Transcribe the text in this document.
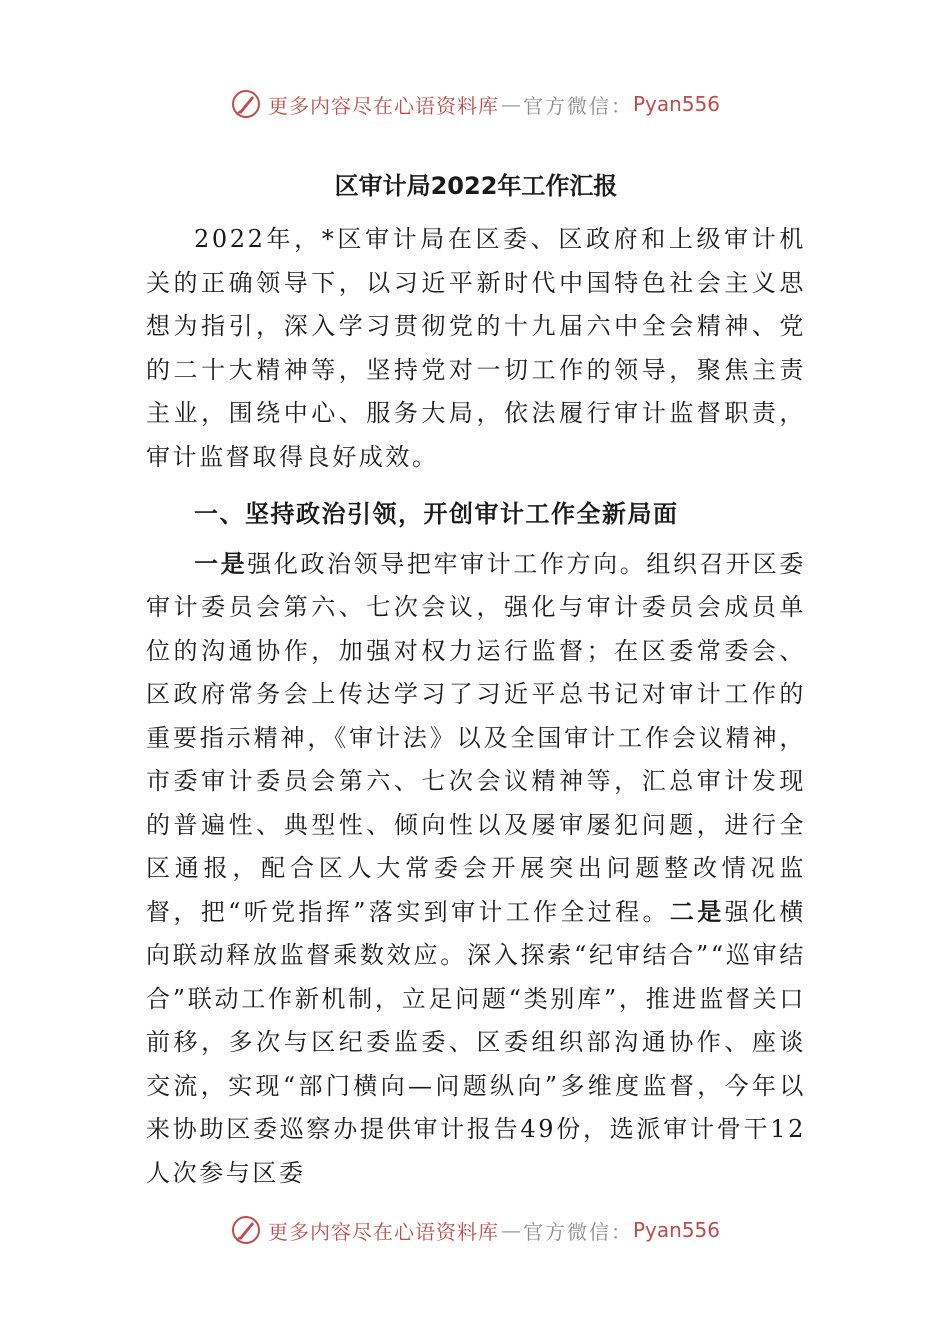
更多内容尽在心语资料库 — 官方微信： Pyan556
区审计局2022年工作汇报

2022年，*区审计局在区委、区政府和上级审计机关的正确领导下，以习近平新时代中国特色社会主义思想为指引，深入学习贯彻党的十九届六中全会精神、党的二十大精神等，坚持党对一切工作的领导，聚焦主责主业，围绕中心、服务大局，依法履行审计监督职责，审计监督取得良好成效。

一、坚持政治引领，开创审计工作全新局面

一是强化政治领导把牢审计工作方向。组织召开区委审计委员会第六、七次会议，强化与审计委员会成员单位的沟通协作，加强对权力运行监督；在区委常委会、区政府常务会上传达学习了习近平总书记对审计工作的重要指示精神，《审计法》以及全国审计工作会议精神，市委审计委员会第六、七次会议精神等，汇总审计发现的普遍性、典型性、倾向性以及屡审屡犯问题，进行全区通报，配合区人大常委会开展突出问题整改情况监督，把“听党指挥”落实到审计工作全过程。二是强化横向联动释放监督乘数效应。深入探索“纪审结合”“巡审结合”联动工作新机制，立足问题“类别库”，推进监督关口前移，多次与区纪委监委、区委组织部沟通协作、座谈交流，实现“部门横向—问题纵向”多维度监督，今年以来协助区委巡察办提供审计报告49份，选派审计骨干12人次参与区委

更多内容尽在心语资料库 — 官方微信： Pyan556
